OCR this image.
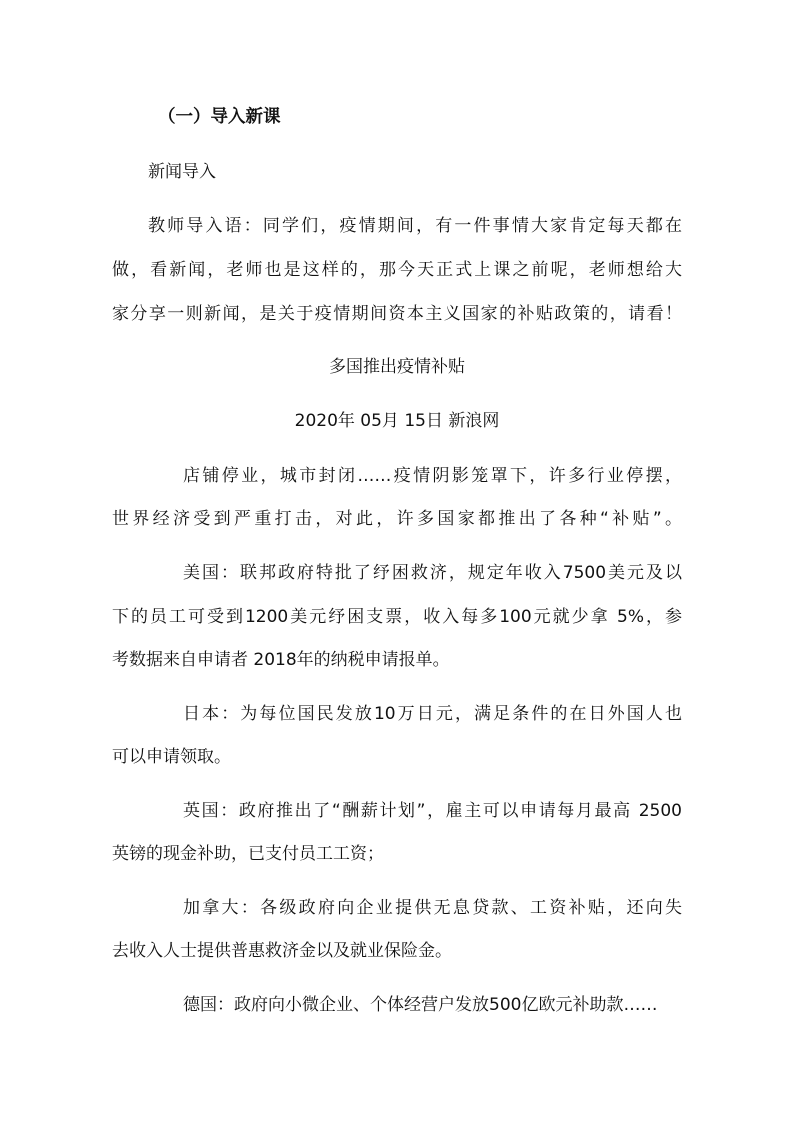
（一）导入新课
新闻导入
教师导入语：同学们，疫情期间，有一件事情大家肯定每天都在
做，看新闻，老师也是这样的，那今天正式上课之前呢，老师想给大
家分享一则新闻，是关于疫情期间资本主义国家的补贴政策的，请看！
多国推出疫情补贴
2020年 05月 15日 新浪网
店铺停业，城市封闭……疫情阴影笼罩下，许多行业停摆，
世界经济受到严重打击，对此，许多国家都推出了各种“补贴”。
美国：联邦政府特批了纾困救济，规定年收入7500美元及以
下的员工可受到1200美元纾困支票，收入每多100元就少拿 5%，参
考数据来自申请者 2018年的纳税申请报单。
日本：为每位国民发放10万日元，满足条件的在日外国人也
可以申请领取。
英国：政府推出了“酬薪计划”，雇主可以申请每月最高 2500
英镑的现金补助，已支付员工工资；
加拿大：各级政府向企业提供无息贷款、工资补贴，还向失
去收入人士提供普惠救济金以及就业保险金。
德国：政府向小微企业、个体经营户发放500亿欧元补助款……
